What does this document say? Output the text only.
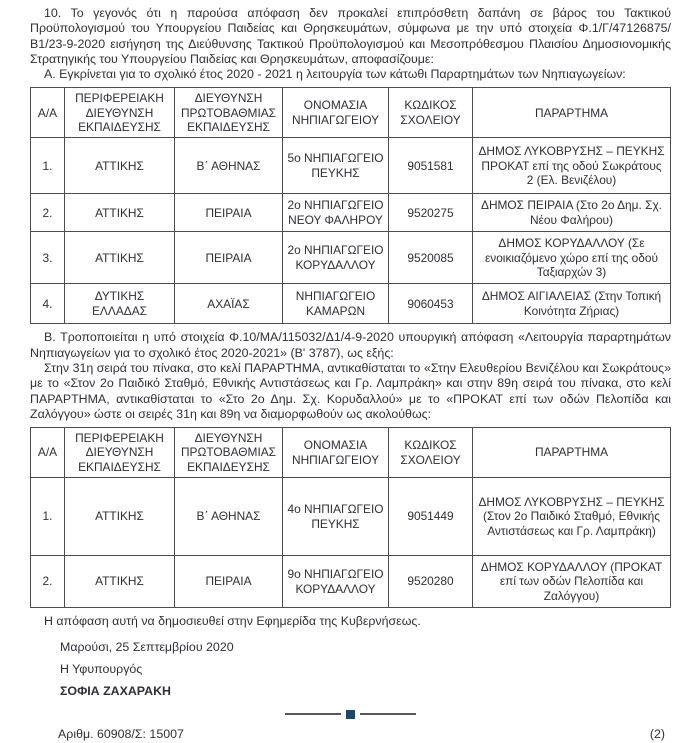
10. Το γεγονός ότι η παρούσα απόφαση δεν προκαλεί επιπρόσθετη δαπάνη σε βάρος του Τακτικού Προϋπολογισμού του Υπουργείου Παιδείας και Θρησκευμάτων, σύμφωνα με την υπό στοιχεία Φ.1/Γ/47126875/Β1/23-9-2020 εισήγηση της Διεύθυνσης Τακτικού Προϋπολογισμού και Μεσοπρόθεσμου Πλαισίου Δημοσιονομικής Στρατηγικής του Υπουργείου Παιδείας και Θρησκευμάτων, αποφασίζουμε:

Α. Εγκρίνεται για το σχολικό έτος 2020 - 2021 η λειτουργία των κάτωθι Παραρτημάτων των Νηπιαγωγείων:

Α/Α	ΠΕΡΙΦΕΡΕΙΑΚΗ ΔΙΕΥΘΥΝΣΗ ΕΚΠΑΙΔΕΥΣΗΣ	ΔΙΕΥΘΥΝΣΗ ΠΡΩΤΟΒΑΘΜΙΑΣ ΕΚΠΑΙΔΕΥΣΗΣ	ΟΝΟΜΑΣΙΑ ΝΗΠΙΑΓΩΓΕΙΟΥ	ΚΩΔΙΚΟΣ ΣΧΟΛΕΙΟΥ	ΠΑΡΑΡΤΗΜΑ
1.	ΑΤΤΙΚΗΣ	Β΄ ΑΘΗΝΑΣ	5ο ΝΗΠΙΑΓΩΓΕΙΟ ΠΕΥΚΗΣ	9051581	ΔΗΜΟΣ ΛΥΚΟΒΡΥΣΗΣ – ΠΕΥΚΗΣ ΠΡΟΚΑΤ επί της οδού Σωκράτους 2 (Ελ. Βενιζέλου)
2.	ΑΤΤΙΚΗΣ	ΠΕΙΡΑΙΑ	2ο ΝΗΠΙΑΓΩΓΕΙΟ ΝΕΟΥ ΦΑΛΗΡΟΥ	9520275	ΔΗΜΟΣ ΠΕΙΡΑΙΑ (Στο 2ο Δημ. Σχ. Νέου Φαλήρου)
3.	ΑΤΤΙΚΗΣ	ΠΕΙΡΑΙΑ	2ο ΝΗΠΙΑΓΩΓΕΙΟ ΚΟΡΥΔΑΛΛΟΥ	9520085	ΔΗΜΟΣ ΚΟΡΥΔΑΛΛΟΥ (Σε ενοικιαζόμενο χώρο επί της οδού Ταξιαρχών 3)
4.	ΔΥΤΙΚΗΣ ΕΛΛΑΔΑΣ	ΑΧΑΪΑΣ	ΝΗΠΙΑΓΩΓΕΙΟ ΚΑΜΑΡΩΝ	9060453	ΔΗΜΟΣ ΑΙΓΙΑΛΕΙΑΣ (Στην Τοπική Κοινότητα Ζήριας)

Β. Τροποποιείται η υπό στοιχεία Φ.10/ΜΑ/115032/Δ1/4-9-2020 υπουργική απόφαση «Λειτουργία παραρτημάτων Νηπιαγωγείων για το σχολικό έτος 2020-2021» (Β' 3787), ως εξής:

Στην 31η σειρά του πίνακα, στο κελί ΠΑΡΑΡΤΗΜΑ, αντικαθίσταται το «Στην Ελευθερίου Βενιζέλου και Σωκράτους» με το «Στον 2ο Παιδικό Σταθμό, Εθνικής Αντιστάσεως και Γρ. Λαμπράκη» και στην 89η σειρά του πίνακα, στο κελί ΠΑΡΑΡΤΗΜΑ, αντικαθίσταται το «Στο 2ο Δημ. Σχ. Κορυδαλλού» με το «ΠΡΟΚΑΤ επί των οδών Πελοπίδα και Ζαλόγγου» ώστε οι σειρές 31η και 89η να διαμορφωθούν ως ακολούθως:

Α/Α	ΠΕΡΙΦΕΡΕΙΑΚΗ ΔΙΕΥΘΥΝΣΗ ΕΚΠΑΙΔΕΥΣΗΣ	ΔΙΕΥΘΥΝΣΗ ΠΡΩΤΟΒΑΘΜΙΑΣ ΕΚΠΑΙΔΕΥΣΗΣ	ΟΝΟΜΑΣΙΑ ΝΗΠΙΑΓΩΓΕΙΟΥ	ΚΩΔΙΚΟΣ ΣΧΟΛΕΙΟΥ	ΠΑΡΑΡΤΗΜΑ
1.	ΑΤΤΙΚΗΣ	Β΄ ΑΘΗΝΑΣ	4ο ΝΗΠΙΑΓΩΓΕΙΟ ΠΕΥΚΗΣ	9051449	ΔΗΜΟΣ ΛΥΚΟΒΡΥΣΗΣ – ΠΕΥΚΗΣ (Στον 2ο Παιδικό Σταθμό, Εθνικής Αντιστάσεως και Γρ. Λαμπράκη)
2.	ΑΤΤΙΚΗΣ	ΠΕΙΡΑΙΑ	9ο ΝΗΠΙΑΓΩΓΕΙΟ ΚΟΡΥΔΑΛΛΟΥ	9520280	ΔΗΜΟΣ ΚΟΡΥΔΑΛΛΟΥ (ΠΡΟΚΑΤ επί των οδών Πελοπίδα και Ζαλόγγου)

Η απόφαση αυτή να δημοσιευθεί στην Εφημερίδα της Κυβερνήσεως.

Μαρούσι, 25 Σεπτεμβρίου 2020
Η Υφυπουργός
ΣΟΦΙΑ ΖΑΧΑΡΑΚΗ
Αριθμ. 60908/Σ: 15007	(2)
